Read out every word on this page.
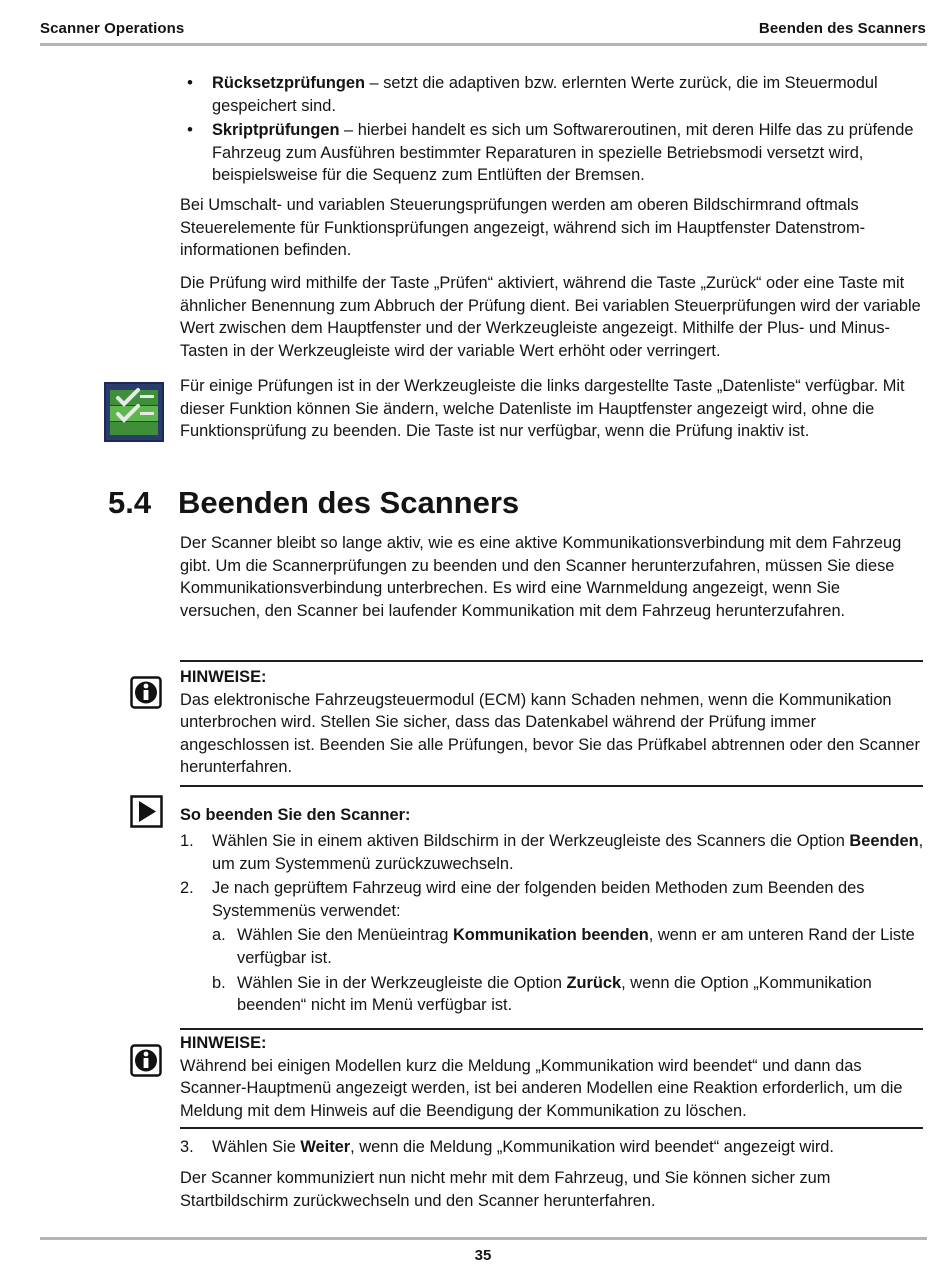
Scanner Operations	Beenden des Scanners
• Rücksetzprüfungen – setzt die adaptiven bzw. erlernten Werte zurück, die im Steuermodul gespeichert sind.
• Skriptprüfungen – hierbei handelt es sich um Softwareroutinen, mit deren Hilfe das zu prüfende Fahrzeug zum Ausführen bestimmter Reparaturen in spezielle Betriebsmodi versetzt wird, beispielsweise für die Sequenz zum Entlüften der Bremsen.

Bei Umschalt- und variablen Steuerungsprüfungen werden am oberen Bildschirmrand oftmals Steuerelemente für Funktionsprüfungen angezeigt, während sich im Hauptfenster Datenstrom-informationen befinden.

Die Prüfung wird mithilfe der Taste „Prüfen“ aktiviert, während die Taste „Zurück“ oder eine Taste mit ähnlicher Benennung zum Abbruch der Prüfung dient. Bei variablen Steuerprüfungen wird der variable Wert zwischen dem Hauptfenster und der Werkzeugleiste angezeigt. Mithilfe der Plus- und Minus-Tasten in der Werkzeugleiste wird der variable Wert erhöht oder verringert.

Für einige Prüfungen ist in der Werkzeugleiste die links dargestellte Taste „Datenliste“ verfügbar. Mit dieser Funktion können Sie ändern, welche Datenliste im Hauptfenster angezeigt wird, ohne die Funktionsprüfung zu beenden. Die Taste ist nur verfügbar, wenn die Prüfung inaktiv ist.

5.4 Beenden des Scanners

Der Scanner bleibt so lange aktiv, wie es eine aktive Kommunikationsverbindung mit dem Fahrzeug gibt. Um die Scannerprüfungen zu beenden und den Scanner herunterzufahren, müssen Sie diese Kommunikationsverbindung unterbrechen. Es wird eine Warnmeldung angezeigt, wenn Sie versuchen, den Scanner bei laufender Kommunikation mit dem Fahrzeug herunterzufahren.

HINWEISE:

Das elektronische Fahrzeugsteuermodul (ECM) kann Schaden nehmen, wenn die Kommunikation unterbrochen wird. Stellen Sie sicher, dass das Datenkabel während der Prüfung immer angeschlossen ist. Beenden Sie alle Prüfungen, bevor Sie das Prüfkabel abtrennen oder den Scanner herunterfahren.

So beenden Sie den Scanner:

1. Wählen Sie in einem aktiven Bildschirm in der Werkzeugleiste des Scanners die Option Beenden, um zum Systemmenü zurückzuwechseln.
2. Je nach geprüftem Fahrzeug wird eine der folgenden beiden Methoden zum Beenden des Systemmenüs verwendet:
a. Wählen Sie den Menüeintrag Kommunikation beenden, wenn er am unteren Rand der Liste verfügbar ist.
b. Wählen Sie in der Werkzeugleiste die Option Zurück, wenn die Option „Kommunikation beenden“ nicht im Menü verfügbar ist.

HINWEISE:

Während bei einigen Modellen kurz die Meldung „Kommunikation wird beendet“ und dann das Scanner-Hauptmenü angezeigt werden, ist bei anderen Modellen eine Reaktion erforderlich, um die Meldung mit dem Hinweis auf die Beendigung der Kommunikation zu löschen.

3. Wählen Sie Weiter, wenn die Meldung „Kommunikation wird beendet“ angezeigt wird.

Der Scanner kommuniziert nun nicht mehr mit dem Fahrzeug, und Sie können sicher zum Startbildschirm zurückwechseln und den Scanner herunterfahren.

35
